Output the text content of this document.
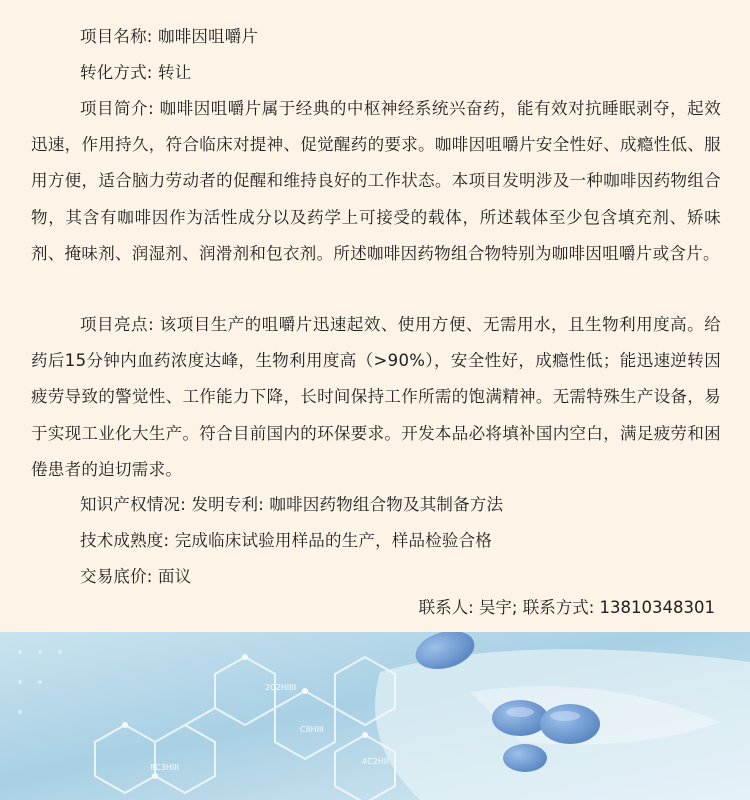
项目名称: 咖啡因咀嚼片
转化方式: 转让
项目简介: 咖啡因咀嚼片属于经典的中枢神经系统兴奋药，能有效对抗睡眠剥夺，起效迅速，作用持久，符合临床对提神、促觉醒药的要求。咖啡因咀嚼片安全性好、成瘾性低、服用方便，适合脑力劳动者的促醒和维持良好的工作状态。本项目发明涉及一种咖啡因药物组合物，其含有咖啡因作为活性成分以及药学上可接受的载体，所述载体至少包含填充剂、矫味剂、掩味剂、润湿剂、润滑剂和包衣剂。所述咖啡因药物组合物特别为咖啡因咀嚼片或含片。
项目亮点: 该项目生产的咀嚼片迅速起效、使用方便、无需用水，且生物利用度高。给药后15分钟内血药浓度达峰，生物利用度高（>90%），安全性好，成瘾性低；能迅速逆转因疲劳导致的警觉性、工作能力下降，长时间保持工作所需的饱满精神。无需特殊生产设备，易于实现工业化大生产。符合目前国内的环保要求。开发本品必将填补国内空白，满足疲劳和困倦患者的迫切需求。
知识产权情况: 发明专利: 咖啡因药物组合物及其制备方法
技术成熟度: 完成临床试验用样品的生产，样品检验合格
交易底价: 面议
联系人: 吴宇; 联系方式: 13810348301
2C2HIIII
C8HIII
8C3HIII
4C2HII
